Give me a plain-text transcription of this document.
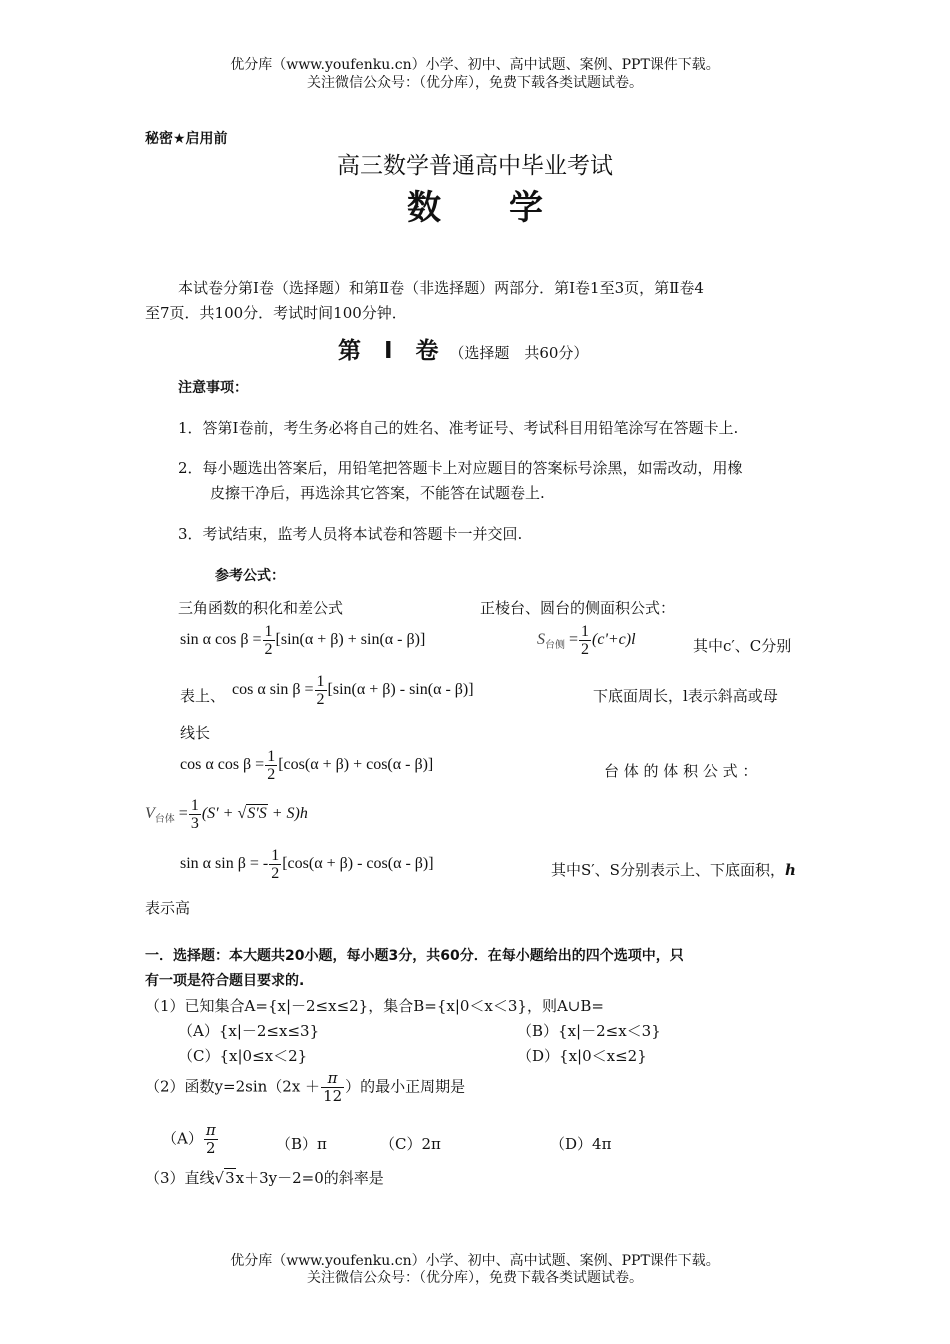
优分库（www.youfenku.cn）小学、初中、高中试题、案例、PPT课件下载。
关注微信公众号：（优分库），免费下载各类试题试卷。
秘密★启用前
高三数学普通高中毕业考试
数　　学
本试卷分第Ⅰ卷（选择题）和第Ⅱ卷（非选择题）两部分．第Ⅰ卷1至3页，第Ⅱ卷4
至7页．共100分．考试时间100分钟．
第　Ⅰ　卷 （选择题　共60分）
注意事项：
1．答第Ⅰ卷前，考生务必将自己的姓名、准考证号、考试科目用铅笔涂写在答题卡上.
2．每小题选出答案后，用铅笔把答题卡上对应题目的答案标号涂黑，如需改动，用橡
皮擦干净后，再选涂其它答案，不能答在试题卷上.
3．考试结束，监考人员将本试卷和答题卡一并交回.
参考公式：
三角函数的积化和差公式	正棱台、圆台的侧面积公式：
sin α $\cos \beta = \frac{1}{2} [\sin(\alpha + \beta) + \sin(\alpha - \beta)]$	$S_{台侧} = \frac{1}{2} (c'+c)l$	其中c′、C分别
表上、 cos α $\sin \beta = \frac{1}{2} [\sin(\alpha + \beta) - \sin(\alpha - \beta)]$	下底面周长，l表示斜高或母
线长
cos α $\cos \beta = \frac{1}{2} [\cos(\alpha + \beta) + \cos(\alpha - \beta)]$	台 体 的 体 积 公 式 ：
$V_{台体} = \frac{1}{3} (S' + √S'S + S)h$
sin α sin β = - $\frac{1}{2} [\cos(\alpha + \beta) - \cos(\alpha - \beta)]$	其中S′、S分别表示上、下底面积，h
表示高
一．选择题：本大题共20小题，每小题3分，共60分．在每小题给出的四个选项中，只
有一项是符合题目要求的.
（1）已知集合A={x|－2≤x≤2}，集合B={x|0＜x＜3}，则A∪B=
（A）{x|－2≤x≤3}	（B）{x|－2≤x＜3}
（C）{x|0≤x＜2}	（D）{x|0＜x≤2}
（2）函数$y=2\sin(2x + \frac{\pi}{12}$ ）的最小正周期是
$(A) \frac{\pi}{2}$	（B）π	（C）2π	（D）4π
（3）直线√3x＋3y－2=0的斜率是
优分库（www.youfenku.cn）小学、初中、高中试题、案例、PPT课件下载。
关注微信公众号：（优分库），免费下载各类试题试卷。
